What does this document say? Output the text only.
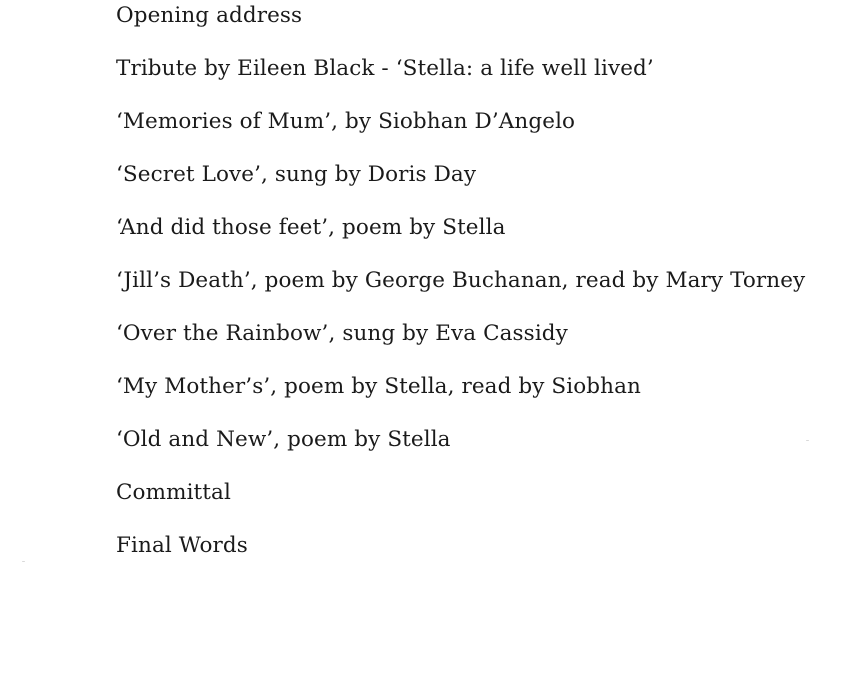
Opening address
Tribute by Eileen Black - ‘Stella: a life well lived’
‘Memories of Mum’, by Siobhan D’Angelo
‘Secret Love’, sung by Doris Day
‘And did those feet’, poem by Stella
‘Jill’s Death’, poem by George Buchanan, read by Mary Torney
‘Over the Rainbow’, sung by Eva Cassidy
‘My Mother’s’, poem by Stella, read by Siobhan
‘Old and New’, poem by Stella
Committal
Final Words
